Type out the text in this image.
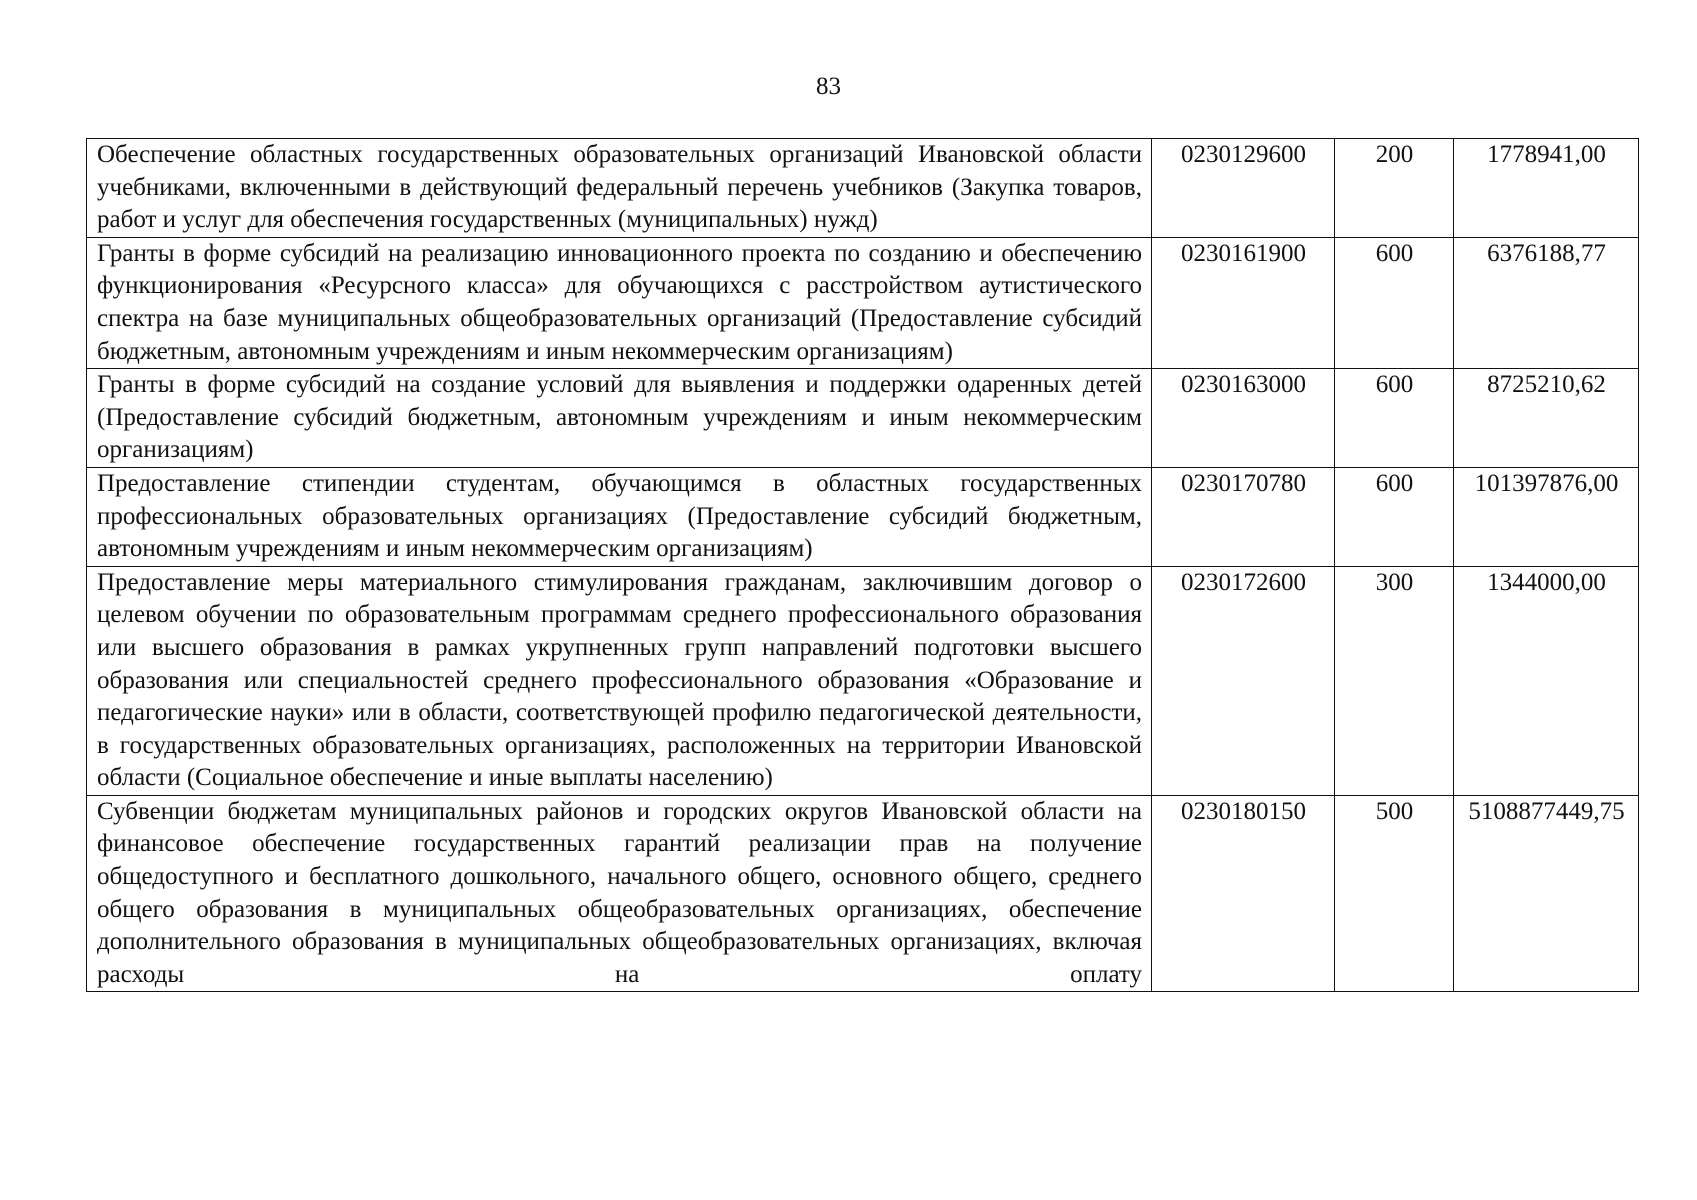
83
Обеспечение областных государственных образовательных организаций Ивановской области учебниками, включенными в действующий федеральный перечень учебников (Закупка товаров, работ и услуг для обеспечения государственных (муниципальных) нужд)	0230129600	200	1778941,00

Гранты в форме субсидий на реализацию инновационного проекта по созданию и обеспечению функционирования «Ресурсного класса» для обучающихся с расстройством аутистического спектра на базе муниципальных общеобразовательных организаций (Предоставление субсидий бюджетным, автономным учреждениям и иным некоммерческим организациям)	0230161900	600	6376188,77

Гранты в форме субсидий на создание условий для выявления и поддержки одаренных детей (Предоставление субсидий бюджетным, автономным учреждениям и иным некоммерческим организациям)	0230163000	600	8725210,62

Предоставление стипендии студентам, обучающимся в областных государственных профессиональных образовательных организациях (Предоставление субсидий бюджетным, автономным учреждениям и иным некоммерческим организациям)	0230170780	600	101397876,00

Предоставление меры материального стимулирования гражданам, заключившим договор о целевом обучении по образовательным программам среднего профессионального образования или высшего образования в рамках укрупненных групп направлений подготовки высшего образования или специальностей среднего профессионального образования «Образование и педагогические науки» или в области, соответствующей профилю педагогической деятельности, в государственных образовательных организациях, расположенных на территории Ивановской области (Социальное обеспечение и иные выплаты населению)	0230172600	300	1344000,00

Субвенции бюджетам муниципальных районов и городских округов Ивановской области на финансовое обеспечение государственных гарантий реализации прав на получение общедоступного и бесплатного дошкольного, начального общего, основного общего, среднего общего образования в муниципальных общеобразовательных организациях, обеспечение дополнительного образования в муниципальных общеобразовательных организациях, включая расходы на оплату	0230180150	500	5108877449,75
